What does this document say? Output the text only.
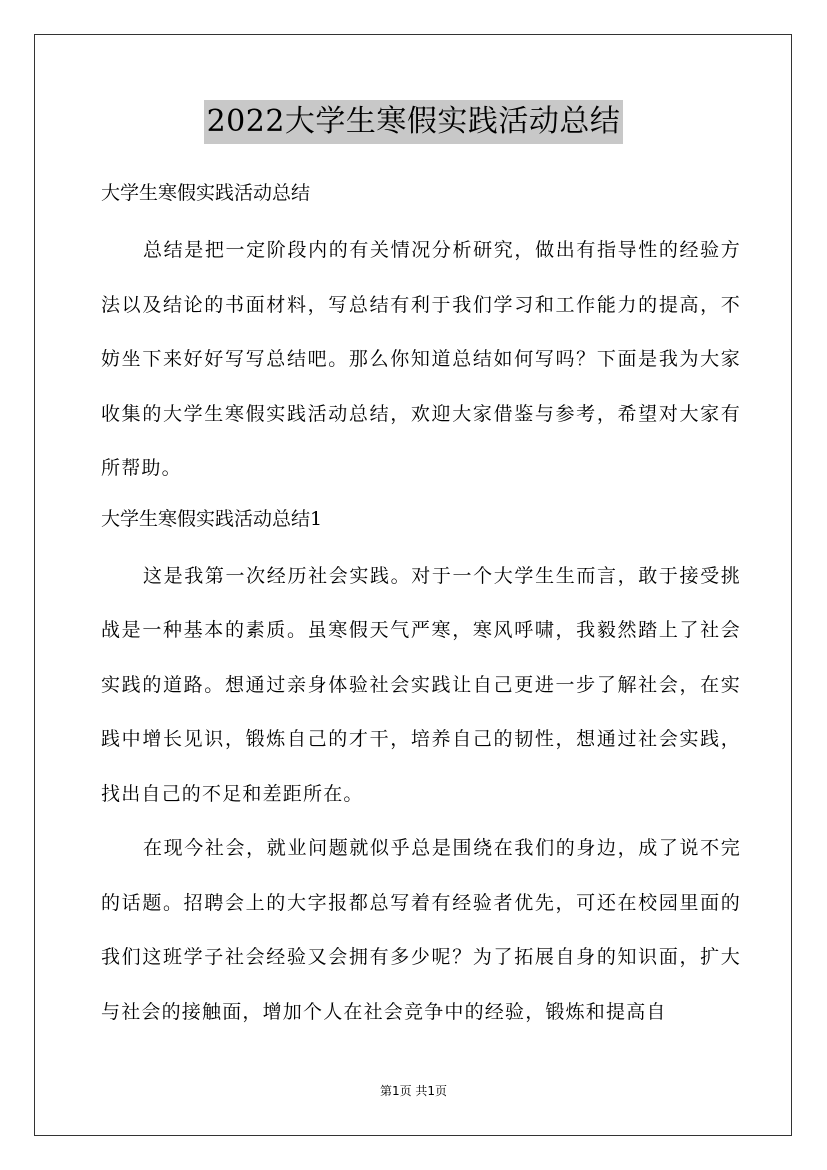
2022大学生寒假实践活动总结
大学生寒假实践活动总结

总结是把一定阶段内的有关情况分析研究，做出有指导性的经验方法以及结论的书面材料，写总结有利于我们学习和工作能力的提高，不妨坐下来好好写写总结吧。那么你知道总结如何写吗？下面是我为大家收集的大学生寒假实践活动总结，欢迎大家借鉴与参考，希望对大家有所帮助。

大学生寒假实践活动总结1

这是我第一次经历社会实践。对于一个大学生生而言，敢于接受挑战是一种基本的素质。虽寒假天气严寒，寒风呼啸，我毅然踏上了社会实践的道路。想通过亲身体验社会实践让自己更进一步了解社会，在实践中增长见识，锻炼自己的才干，培养自己的韧性，想通过社会实践，找出自己的不足和差距所在。

在现今社会，就业问题就似乎总是围绕在我们的身边，成了说不完的话题。招聘会上的大字报都总写着有经验者优先，可还在校园里面的我们这班学子社会经验又会拥有多少呢？为了拓展自身的知识面，扩大与社会的接触面，增加个人在社会竞争中的经验，锻炼和提高自

第1页 共1页
